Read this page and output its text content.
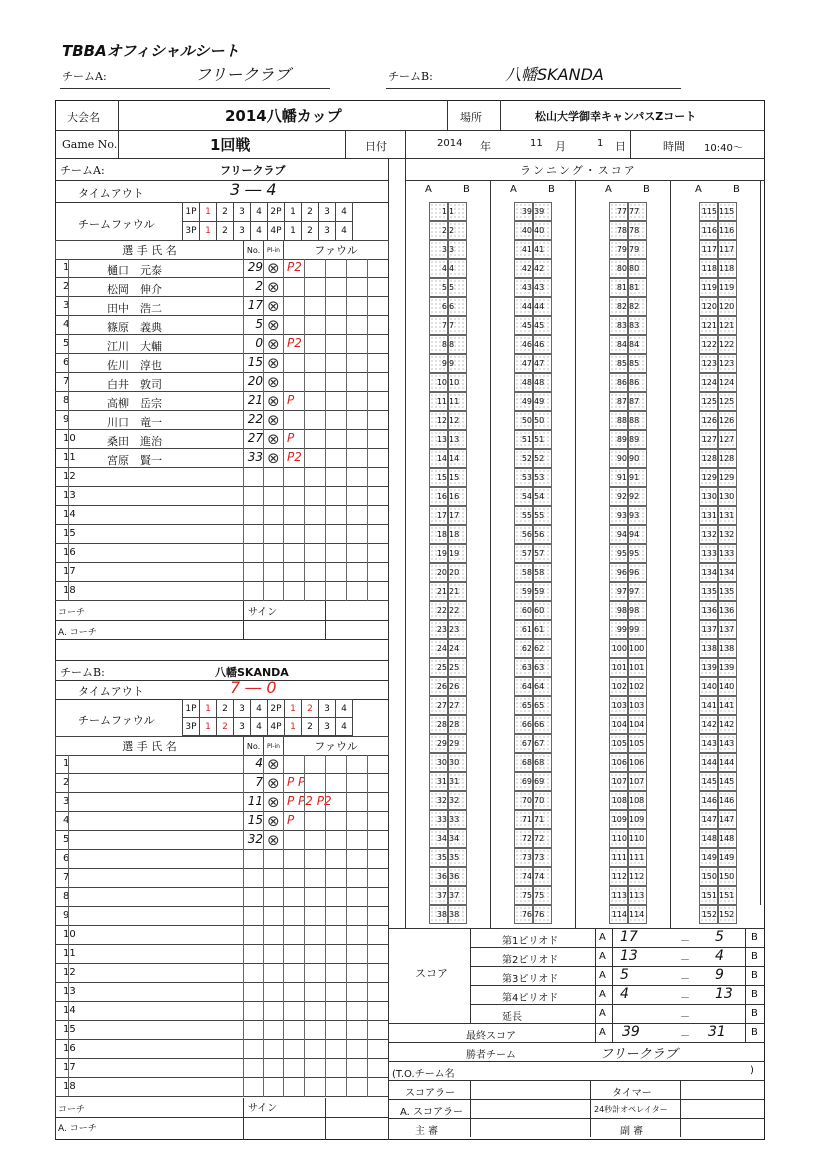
TBBAオフィシャルシート
チームA:	フリークラブ	チームB:	八幡SKANDA
大会名	2014八幡カップ	場所	松山大学御幸キャンパスZコート
Game No.	1回戦	日付	2014 年	11 月	1 日	時間 10:40～
チームA:	フリークラブ
タイムアウト	3 ― 4
チームファウル
1P	1	2	3	4	2P	1	2	3	4
3P	1	2	3	4	4P	1	2	3	4
選 手 氏 名	No.	Pl-in	ファウル
1	樋口　元泰	29 ⊗ P2
2	松岡　伸介	2 ⊗
3	田中　浩二	17 ⊗
4	篠原　義典	5 ⊗
5	江川　大輔	0 ⊗ P2
6	佐川　淳也	15 ⊗
7	白井　敦司	20 ⊗
8	高柳　岳宗	21 ⊗ P
9	川口　竜一	22 ⊗
10	桑田　進治	27 ⊗ P
11	宮原　賢一	33 ⊗ P2
12
13
14
15
16
17
18
コーチ
A. コーチ
サイン
チームB:	八幡SKANDA
タイムアウト	7 ― 0
チームファウル
1P	1	2	3	4	2P	1	2	3	4
3P	1	2	3	4	4P	1	2	3	4
選 手 氏 名	No.	Pl-in	ファウル
1	4 ⊗
2	7 ⊗ P P
3	11 ⊗ P P2 P2
4	15 ⊗ P
5	32 ⊗
6
7
8
9
10
11
12
13
14
15
16
17
18
コーチ
A. コーチ
サイン
ランニング・スコア
A	B
1 1
2 2
3 3
4 4
5 5
6 6
7 7
8 8
9 9
10 10
11 11
12 12
13 13
14 14
15 15
16 16
17 17
18 18
19 19
20 20
21 21
22 22
23 23
24 24
25 25
26 26
27 27
28 28
29 29
30 30
31 31
32 32
33 33
34 34
35 35
36 36
37 37
38 38
A	B
39 39
40 40
41 41
42 42
43 43
44 44
45 45
46 46
47 47
48 48
49 49
50 50
51 51
52 52
53 53
54 54
55 55
56 56
57 57
58 58
59 59
60 60
61 61
62 62
63 63
64 64
65 65
66 66
67 67
68 68
69 69
70 70
71 71
72 72
73 73
74 74
75 75
76 76
A	B
77 77
78 78
79 79
80 80
81 81
82 82
83 83
84 84
85 85
86 86
87 87
88 88
89 89
90 90
91 91
92 92
93 93
94 94
95 95
96 96
97 97
98 98
99 99
100 100
101 101
102 102
103 103
104 104
105 105
106 106
107 107
108 108
109 109
110 110
111 111
112 112
113 113
114 114
A	B
115 115
116 116
117 117
118 118
119 119
120 120
121 121
122 122
123 123
124 124
125 125
126 126
127 127
128 128
129 129
130 130
131 131
132 132
133 133
134 134
135 135
136 136
137 137
138 138
139 139
140 140
141 141
142 142
143 143
144 144
145 145
146 146
147 147
148 148
149 149
150 150
151 151
152 152
スコア
第1ピリオド	A 17	－ 5	B
第2ピリオド	A 13	－ 4	B
第3ピリオド	A 5	－ 9	B
第4ピリオド	A 4	－ 13 B
延長	A	－	B
最終スコア	A 39	－ 31	B
勝者チーム	フリークラブ
(T.O.チーム名	)
スコアラー
A. スコアラー
主 審
タイマー
24秒計オペレイター
副 審
